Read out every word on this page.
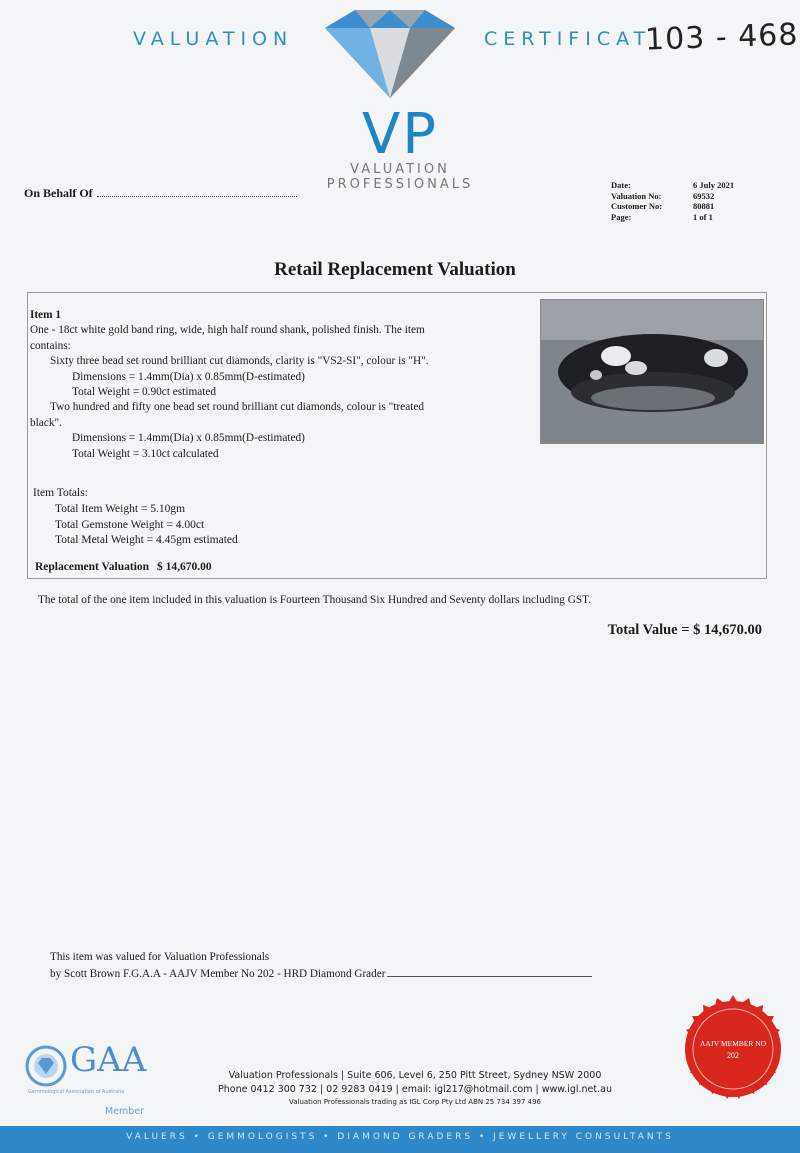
VALUATION	CERTIFICAT
103 - 468
VP
VALUATION
PROFESSIONALS
On Behalf Of
Date:	6 July 2021
Valuation No:	69532
Customer No:	80881
Page:	1 of 1
Retail Replacement Valuation
Item 1
One - 18ct white gold band ring, wide, high half round shank, polished finish. The item
contains:
Sixty three bead set round brilliant cut diamonds, clarity is "VS2-SI", colour is "H".
Dimensions = 1.4mm(Dia) x 0.85mm(D-estimated)
Total Weight = 0.90ct estimated
Two hundred and fifty one bead set round brilliant cut diamonds, colour is "treated
black".
Dimensions = 1.4mm(Dia) x 0.85mm(D-estimated)
Total Weight = 3.10ct calculated
Item Totals:
Total Item Weight = 5.10gm
Total Gemstone Weight = 4.00ct
Total Metal Weight = 4.45gm estimated
Replacement Valuation $ 14,670.00
The total of the one item included in this valuation is Fourteen Thousand Six Hundred and Seventy dollars including GST.
Total Value = $ 14,670.00
This item was valued for Valuation Professionals
by Scott Brown F.G.A.A - AAJV Member No 202 - HRD Diamond Grader
AAJV MEMBER NO
202
GAA
Gemmological Association of Australia
Member
Valuation Professionals | Suite 606, Level 6, 250 Pitt Street, Sydney NSW 2000
Phone 0412 300 732 | 02 9283 0419 | email: igl217@hotmail.com | www.igl.net.au
Valuation Professionals trading as IGL Corp Pty Ltd ABN 25 734 397 496
VALUERS • GEMMOLOGISTS • DIAMOND GRADERS • JEWELLERY CONSULTANTS
